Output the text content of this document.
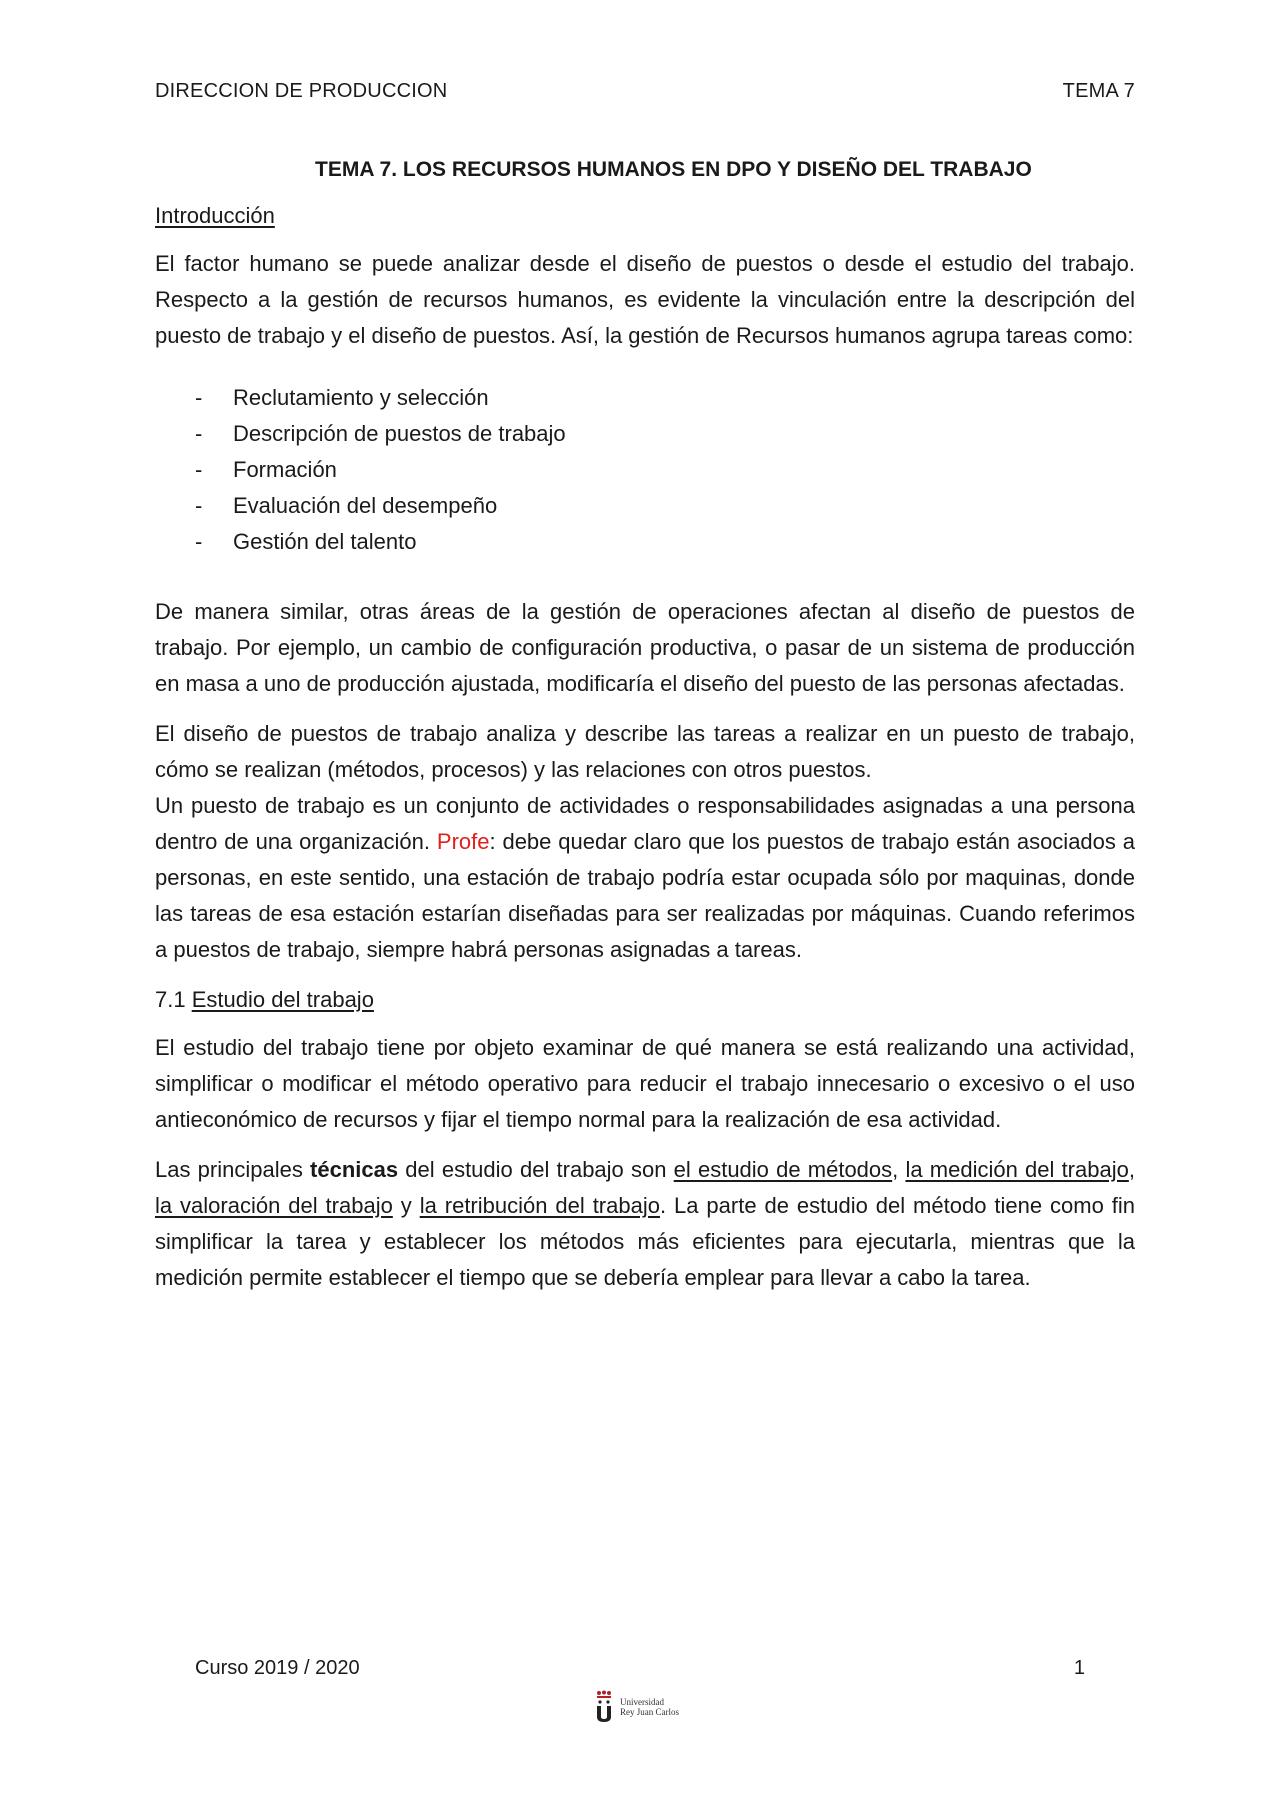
DIRECCION DE PRODUCCION	TEMA 7
TEMA 7. LOS RECURSOS HUMANOS EN DPO Y DISEÑO DEL TRABAJO
Introducción

El factor humano se puede analizar desde el diseño de puestos o desde el estudio del trabajo. Respecto a la gestión de recursos humanos, es evidente la vinculación entre la descripción del puesto de trabajo y el diseño de puestos. Así, la gestión de Recursos humanos agrupa tareas como:

- Reclutamiento y selección
- Descripción de puestos de trabajo
- Formación
- Evaluación del desempeño
- Gestión del talento

De manera similar, otras áreas de la gestión de operaciones afectan al diseño de puestos de trabajo. Por ejemplo, un cambio de configuración productiva, o pasar de un sistema de producción en masa a uno de producción ajustada, modificaría el diseño del puesto de las personas afectadas.

El diseño de puestos de trabajo analiza y describe las tareas a realizar en un puesto de trabajo, cómo se realizan (métodos, procesos) y las relaciones con otros puestos.

Un puesto de trabajo es un conjunto de actividades o responsabilidades asignadas a una persona dentro de una organización. Profe: debe quedar claro que los puestos de trabajo están asociados a personas, en este sentido, una estación de trabajo podría estar ocupada sólo por maquinas, donde las tareas de esa estación estarían diseñadas para ser realizadas por máquinas. Cuando referimos a puestos de trabajo, siempre habrá personas asignadas a tareas.

7.1 Estudio del trabajo

El estudio del trabajo tiene por objeto examinar de qué manera se está realizando una actividad, simplificar o modificar el método operativo para reducir el trabajo innecesario o excesivo o el uso antieconómico de recursos y fijar el tiempo normal para la realización de esa actividad.

Las principales técnicas del estudio del trabajo son el estudio de métodos, la medición del trabajo, la valoración del trabajo y la retribución del trabajo. La parte de estudio del método tiene como fin simplificar la tarea y establecer los métodos más eficientes para ejecutarla, mientras que la medición permite establecer el tiempo que se debería emplear para llevar a cabo la tarea.

Curso 2019 / 2020	1
Universidad
Rey Juan Carlos
